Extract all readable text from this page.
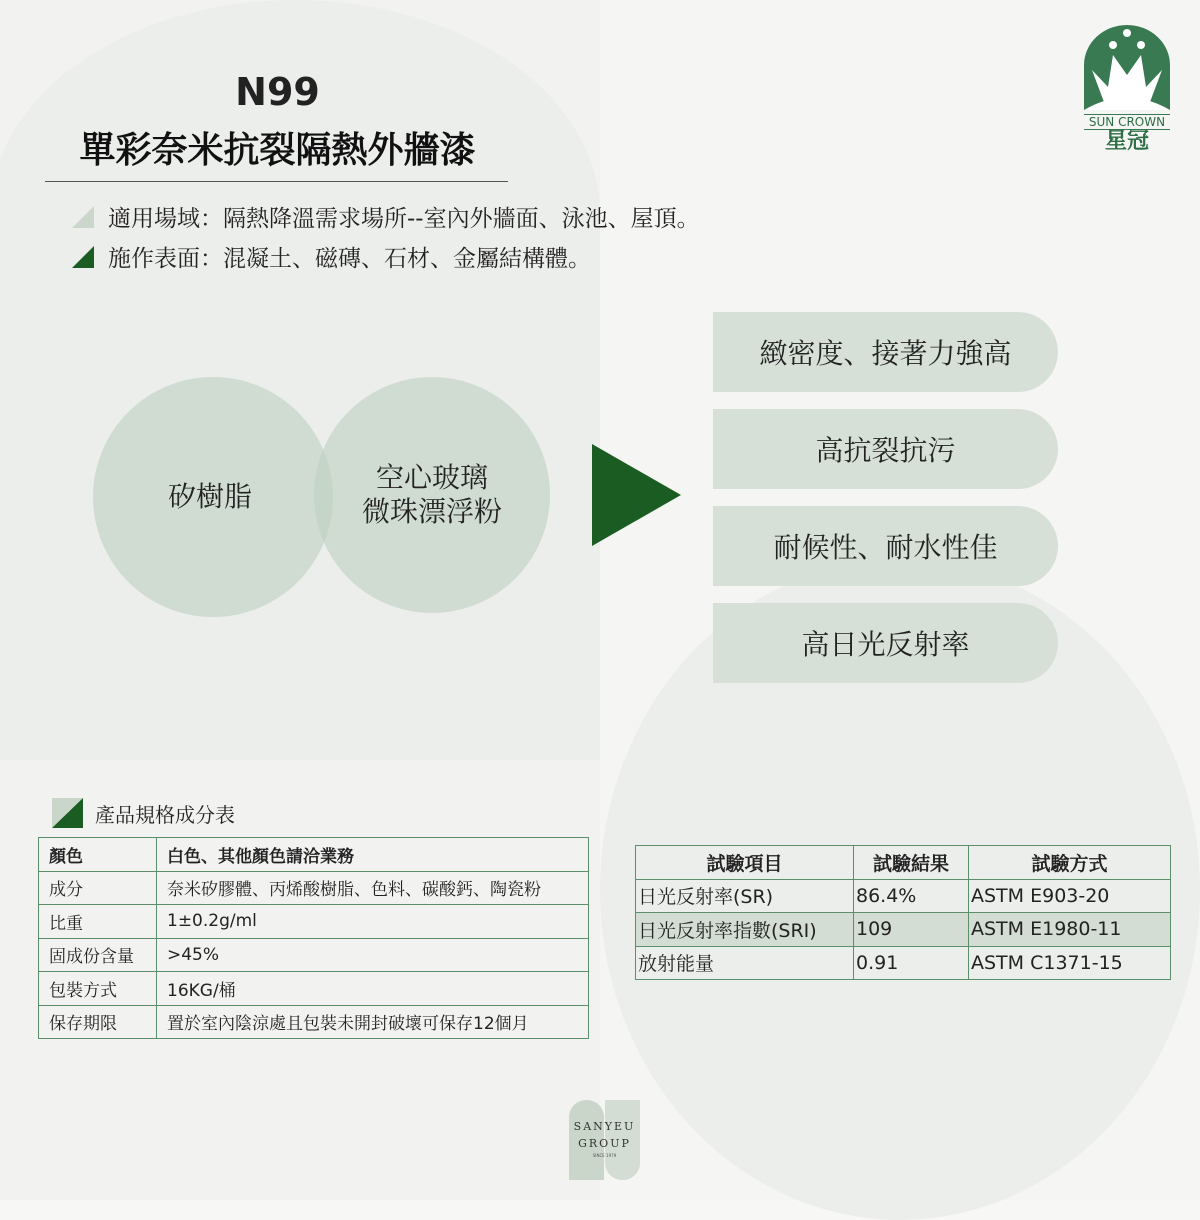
N99
單彩奈米抗裂隔熱外牆漆
適用場域：隔熱降溫需求場所--室內外牆面、泳池、屋頂。
施作表面：混凝土、磁磚、石材、金屬結構體。
矽樹脂
空心玻璃
微珠漂浮粉
緻密度、接著力強高
高抗裂抗污
耐候性、耐水性佳
高日光反射率
產品規格成分表
顏色	白色、其他顏色請洽業務
成分	奈米矽膠體、丙烯酸樹脂、色料、碳酸鈣、陶瓷粉
比重	1±0.2g/ml
固成份含量	>45%
包裝方式	16KG/桶
保存期限	置於室內陰涼處且包裝未開封破壞可保存12個月
試驗項目	試驗結果	試驗方式
日光反射率(SR)	86.4%	ASTM E903-20
日光反射率指數(SRI)	109	ASTM E1980-11
放射能量	0.91	ASTM C1371-15
SUN CROWN
星冠
SANYEU
GROUP
SINCE 1979
